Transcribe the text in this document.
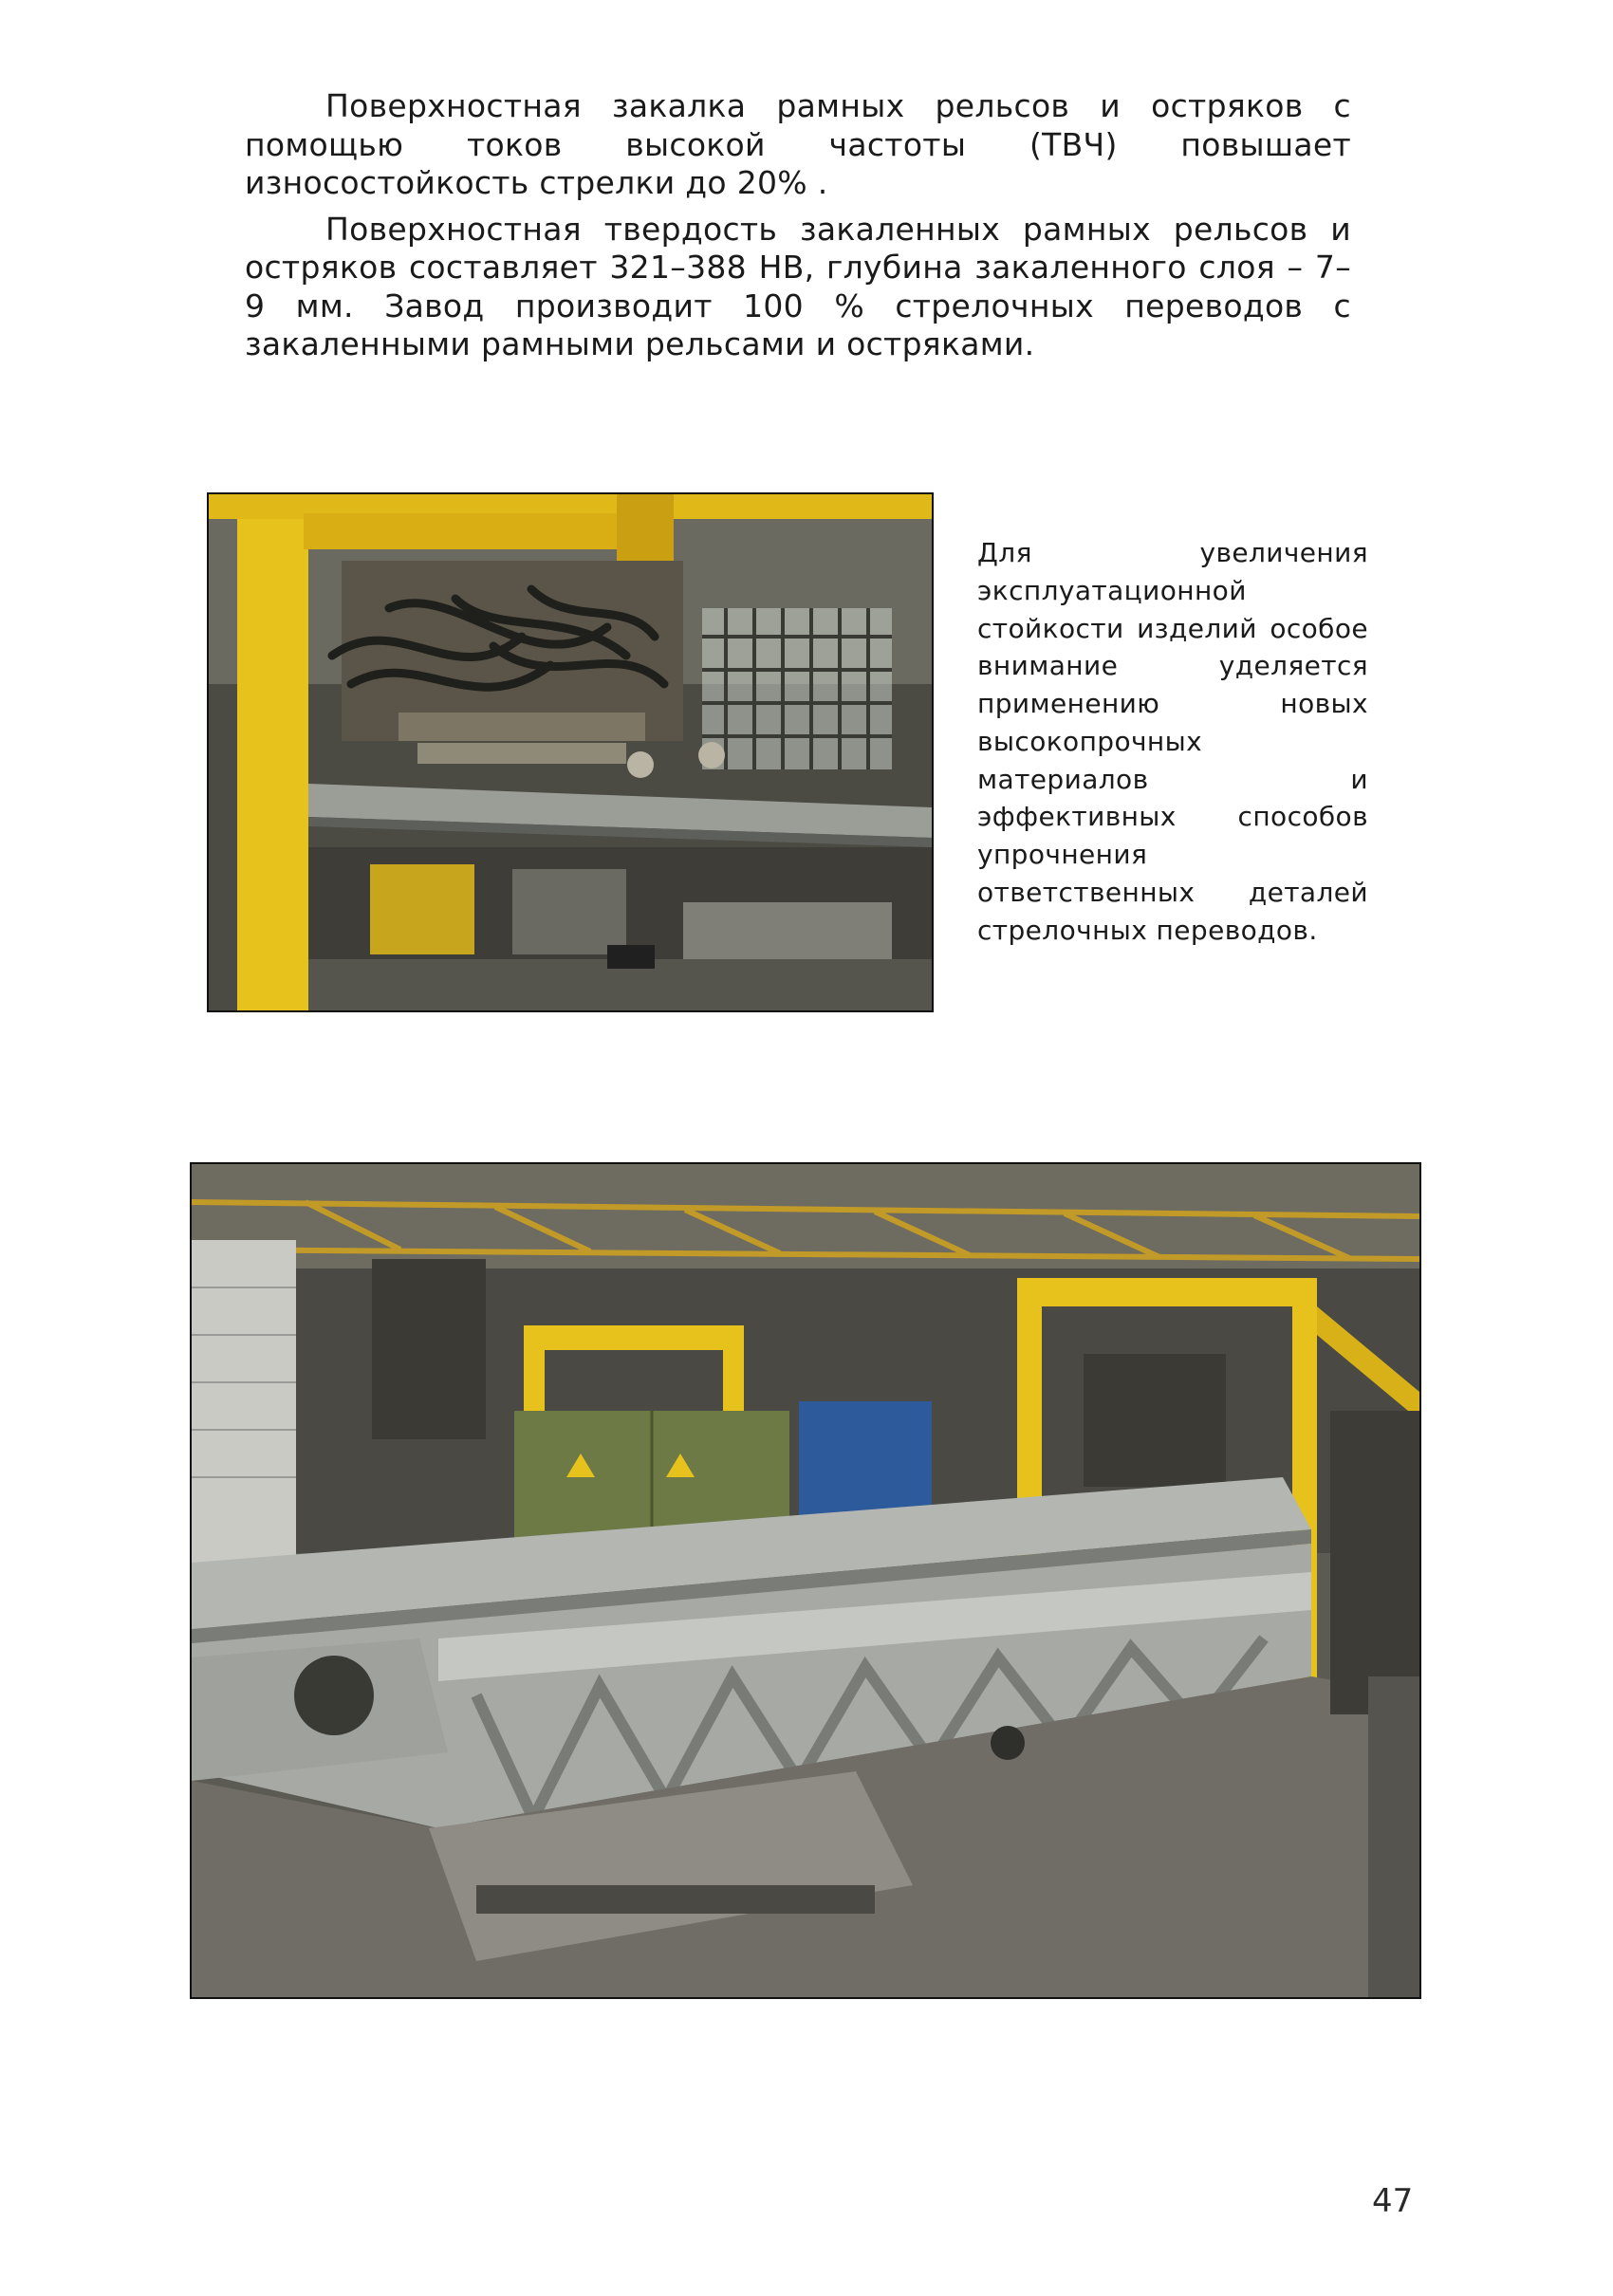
Поверхностная закалка рамных рельсов и остряков с помощью токов высокой частоты (ТВЧ) повышает износостойкость стрелки до 20% .

Поверхностная твердость закаленных рамных рельсов и остряков составляет 321–388 НВ, глубина закаленного слоя – 7–9 мм. Завод производит 100 % стрелочных переводов с закаленными рамными рельсами и остряками.

Для увеличения эксплуатационной стойкости изделий особое внимание уделяется применению новых высокопрочных материалов и эффективных способов упрочнения ответственных деталей стрелочных переводов.

47
